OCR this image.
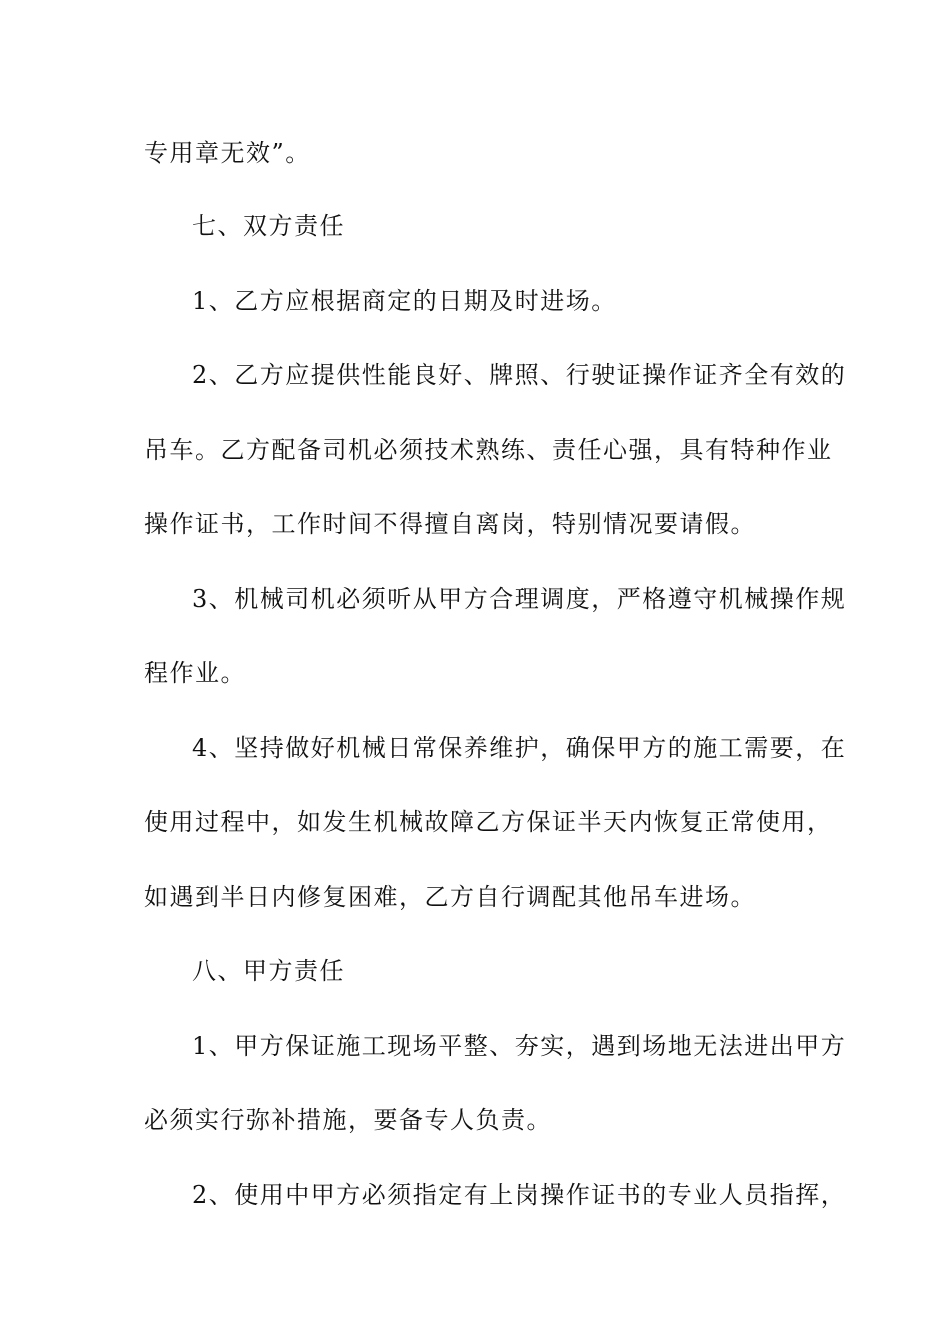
专用章无效”。
七、双方责任
1、乙方应根据商定的日期及时进场。
2、乙方应提供性能良好、牌照、行驶证操作证齐全有效的
吊车。乙方配备司机必须技术熟练、责任心强，具有特种作业
操作证书，工作时间不得擅自离岗，特别情况要请假。
3、机械司机必须听从甲方合理调度，严格遵守机械操作规
程作业。
4、坚持做好机械日常保养维护，确保甲方的施工需要，在
使用过程中，如发生机械故障乙方保证半天内恢复正常使用，
如遇到半日内修复困难，乙方自行调配其他吊车进场。
八、甲方责任
1、甲方保证施工现场平整、夯实，遇到场地无法进出甲方
必须实行弥补措施，要备专人负责。
2、使用中甲方必须指定有上岗操作证书的专业人员指挥，
